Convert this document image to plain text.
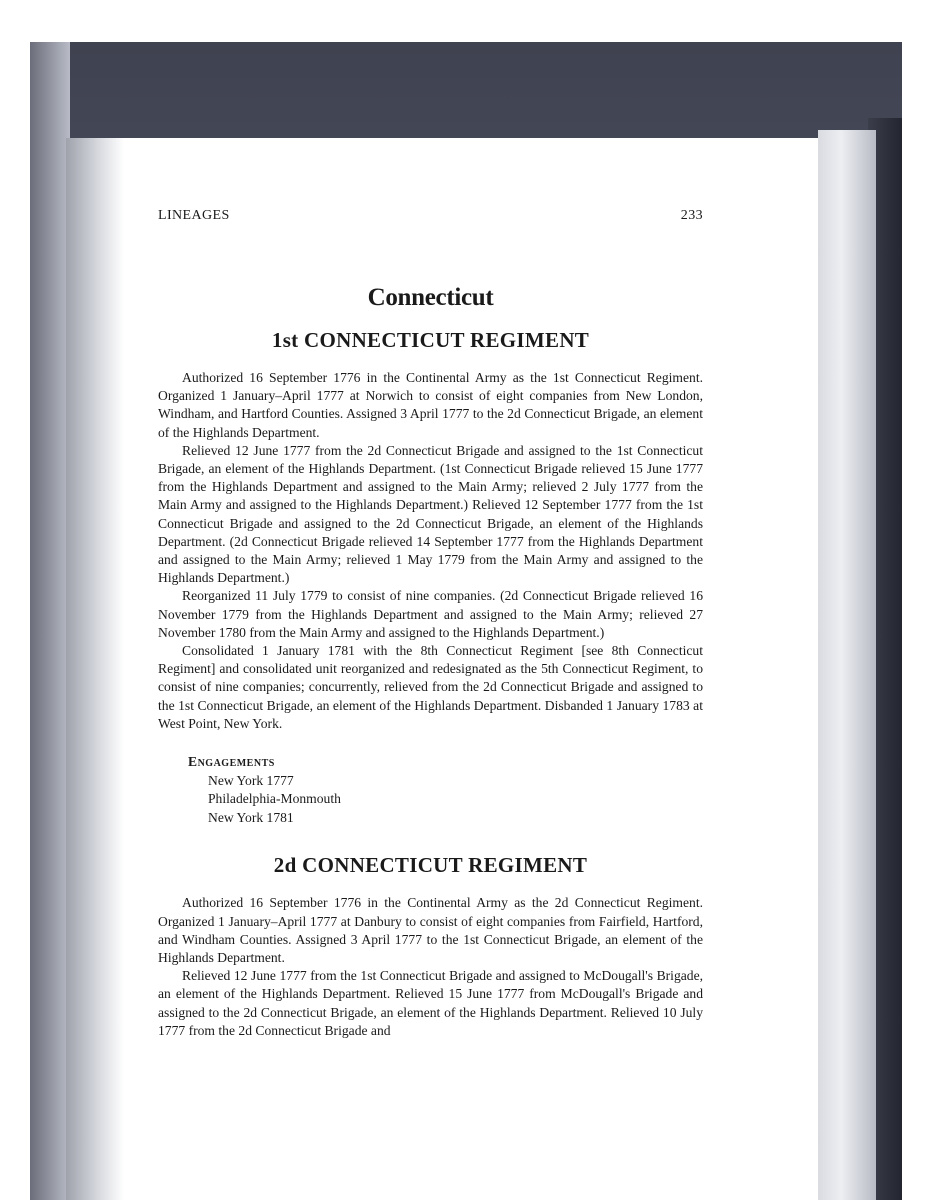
LINEAGES	233
Connecticut
1st CONNECTICUT REGIMENT

Authorized 16 September 1776 in the Continental Army as the 1st Connecticut Regiment. Organized 1 January–April 1777 at Norwich to consist of eight companies from New London, Windham, and Hartford Counties. Assigned 3 April 1777 to the 2d Connecticut Brigade, an element of the Highlands Department.

Relieved 12 June 1777 from the 2d Connecticut Brigade and assigned to the 1st Connecticut Brigade, an element of the Highlands Department. (1st Connecticut Brigade relieved 15 June 1777 from the Highlands Department and assigned to the Main Army; relieved 2 July 1777 from the Main Army and assigned to the Highlands Department.) Relieved 12 September 1777 from the 1st Connecticut Brigade and assigned to the 2d Connecticut Brigade, an element of the Highlands Department. (2d Connecticut Brigade relieved 14 September 1777 from the Highlands Department and assigned to the Main Army; relieved 1 May 1779 from the Main Army and assigned to the Highlands Department.)

Reorganized 11 July 1779 to consist of nine companies. (2d Connecticut Brigade relieved 16 November 1779 from the Highlands Department and assigned to the Main Army; relieved 27 November 1780 from the Main Army and assigned to the Highlands Department.)

Consolidated 1 January 1781 with the 8th Connecticut Regiment [see 8th Connecticut Regiment] and consolidated unit reorganized and redesignated as the 5th Connecticut Regiment, to consist of nine companies; concurrently, relieved from the 2d Connecticut Brigade and assigned to the 1st Connecticut Brigade, an element of the Highlands Department. Disbanded 1 January 1783 at West Point, New York.

Engagements
New York 1777
Philadelphia-Monmouth
New York 1781
2d CONNECTICUT REGIMENT

Authorized 16 September 1776 in the Continental Army as the 2d Connecticut Regiment. Organized 1 January–April 1777 at Danbury to consist of eight companies from Fairfield, Hartford, and Windham Counties. Assigned 3 April 1777 to the 1st Connecticut Brigade, an element of the Highlands Department.

Relieved 12 June 1777 from the 1st Connecticut Brigade and assigned to McDougall's Brigade, an element of the Highlands Department. Relieved 15 June 1777 from McDougall's Brigade and assigned to the 2d Connecticut Brigade, an element of the Highlands Department. Relieved 10 July 1777 from the 2d Connecticut Brigade and
